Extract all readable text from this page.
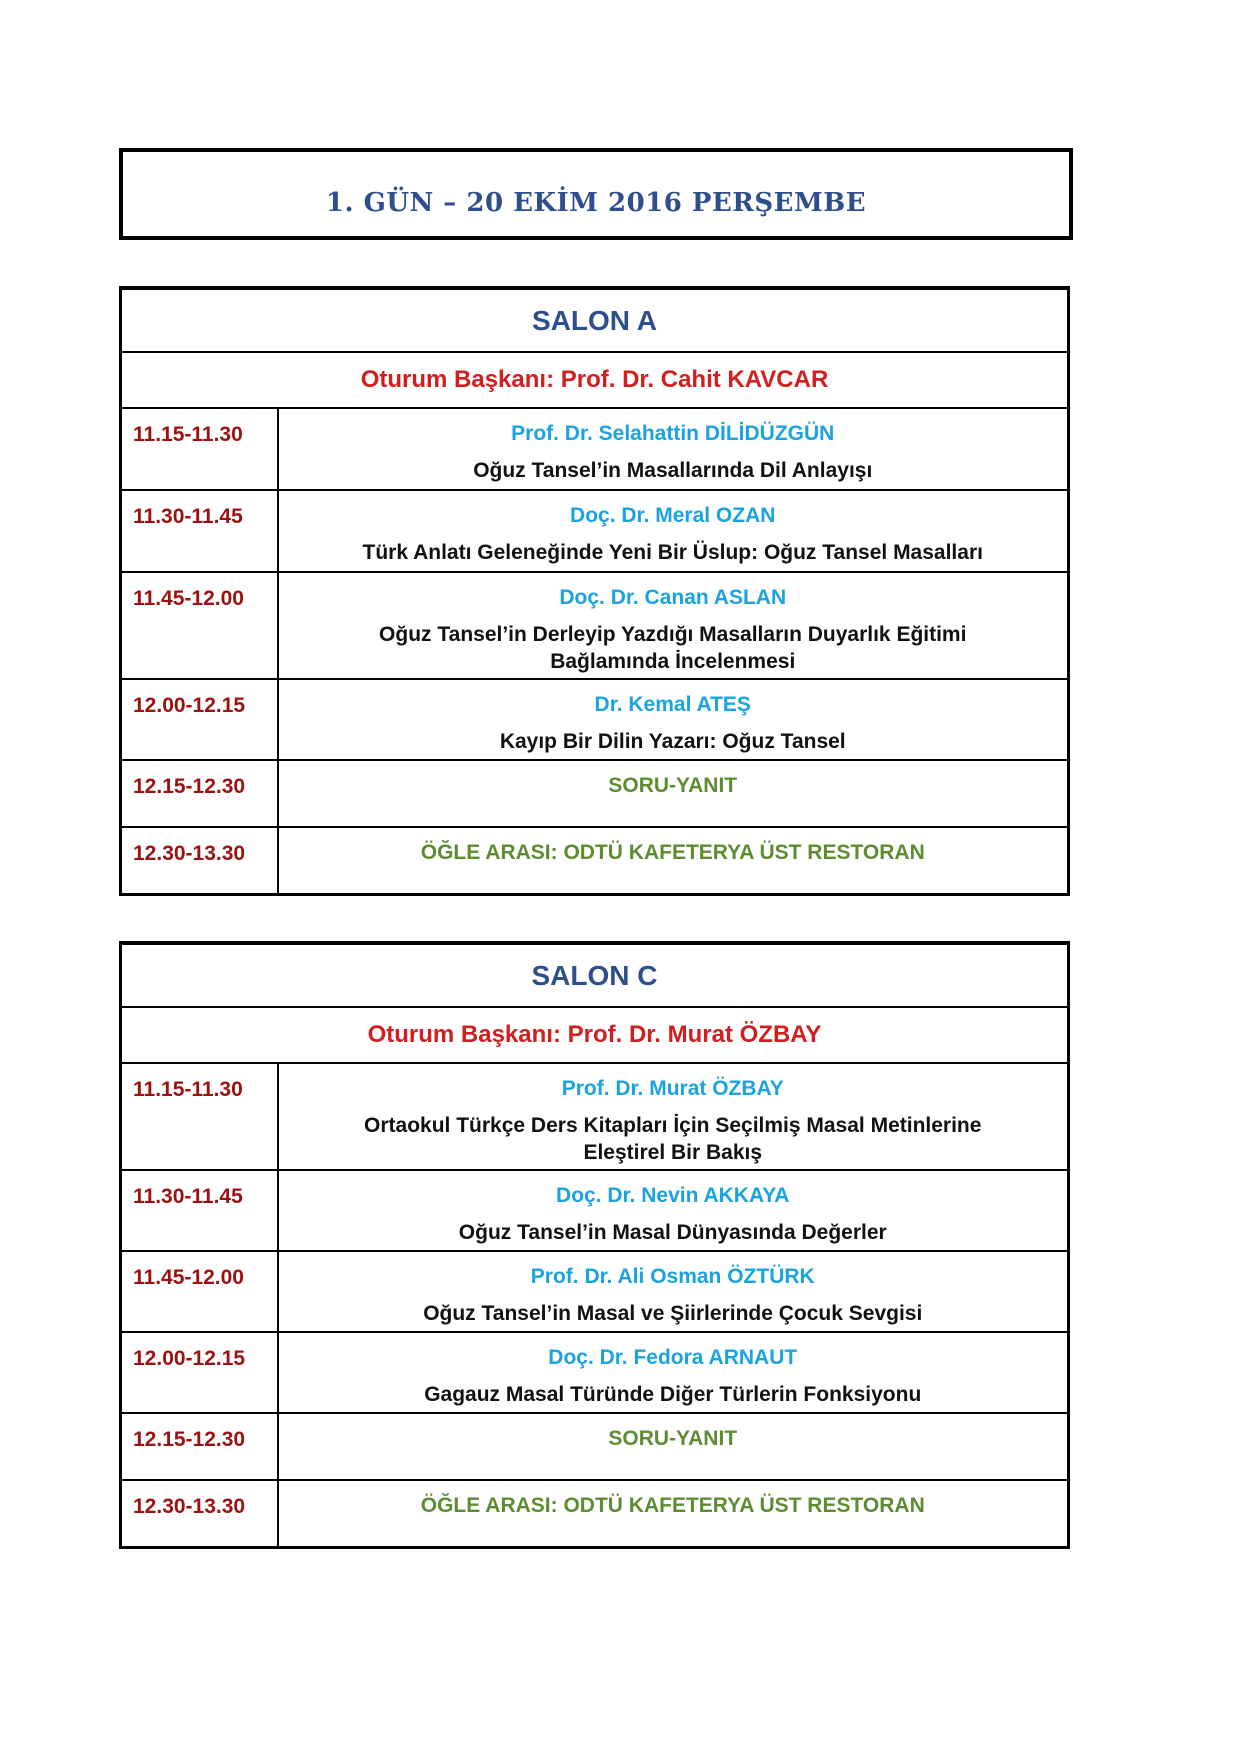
1. GÜN – 20 EKİM 2016 PERŞEMBE
SALON A	
Oturum Başkanı: Prof. Dr. Cahit KAVCAR	
11.15-11.30	Prof. Dr. Selahattin DİLİDÜZGÜN
Oğuz Tansel’in Masallarında Dil Anlayışı

11.30-11.45	Doç. Dr. Meral OZAN
Türk Anlatı Geleneğinde Yeni Bir Üslup: Oğuz Tansel Masalları

11.45-12.00	Doç. Dr. Canan ASLAN
Oğuz Tansel’in Derleyip Yazdığı Masalların Duyarlık Eğitimi Bağlamında İncelenmesi

12.00-12.15	Dr. Kemal ATEŞ
Kayıp Bir Dilin Yazarı: Oğuz Tansel

12.15-12.30	SORU-YANIT

12.30-13.30	ÖĞLE ARASI: ODTÜ KAFETERYA ÜST RESTORAN
SALON C	
Oturum Başkanı: Prof. Dr. Murat ÖZBAY	
11.15-11.30	Prof. Dr. Murat ÖZBAY
Ortaokul Türkçe Ders Kitapları İçin Seçilmiş Masal Metinlerine Eleştirel Bir Bakış

11.30-11.45	Doç. Dr. Nevin AKKAYA
Oğuz Tansel’in Masal Dünyasında Değerler

11.45-12.00	Prof. Dr. Ali Osman ÖZTÜRK
Oğuz Tansel’in Masal ve Şiirlerinde Çocuk Sevgisi

12.00-12.15	Doç. Dr. Fedora ARNAUT
Gagauz Masal Türünde Diğer Türlerin Fonksiyonu

12.15-12.30	SORU-YANIT

12.30-13.30	ÖĞLE ARASI: ODTÜ KAFETERYA ÜST RESTORAN
